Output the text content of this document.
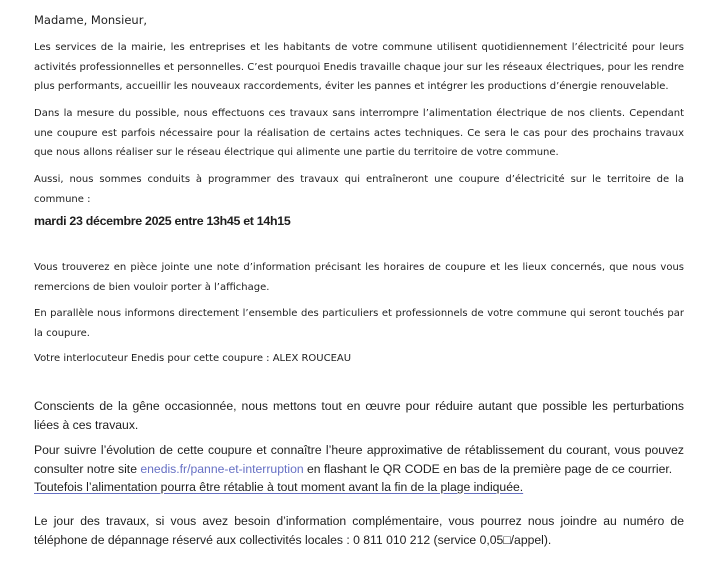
Madame, Monsieur,

Les services de la mairie, les entreprises et les habitants de votre commune utilisent quotidiennement l’électricité pour leurs activités professionnelles et personnelles. C’est pourquoi Enedis travaille chaque jour sur les réseaux électriques, pour les rendre plus performants, accueillir les nouveaux raccordements, éviter les pannes et intégrer les productions d’énergie renouvelable.

Dans la mesure du possible, nous effectuons ces travaux sans interrompre l’alimentation électrique de nos clients. Cependant une coupure est parfois nécessaire pour la réalisation de certains actes techniques. Ce sera le cas pour des prochains travaux que nous allons réaliser sur le réseau électrique qui alimente une partie du territoire de votre commune.

Aussi, nous sommes conduits à programmer des travaux qui entraîneront une coupure d’électricité sur le territoire de la commune :

mardi 23 décembre 2025 entre 13h45 et 14h15

Vous trouverez en pièce jointe une note d’information précisant les horaires de coupure et les lieux concernés, que nous vous remercions de bien vouloir porter à l’affichage.

En parallèle nous informons directement l’ensemble des particuliers et professionnels de votre commune qui seront touchés par la coupure.

Votre interlocuteur Enedis pour cette coupure : ALEX ROUCEAU

Conscients de la gêne occasionnée, nous mettons tout en œuvre pour réduire autant que possible les perturbations liées à ces travaux.

Pour suivre l’évolution de cette coupure et connaître l’heure approximative de rétablissement du courant, vous pouvez consulter notre site enedis.fr/panne-et-interruption en flashant le QR CODE en bas de la première page de ce courrier.
Toutefois l’alimentation pourra être rétablie à tout moment avant la fin de la plage indiquée.

Le jour des travaux, si vous avez besoin d’information complémentaire, vous pourrez nous joindre au numéro de téléphone de dépannage réservé aux collectivités locales : 0 811 010 212 (service 0,05□/appel).
